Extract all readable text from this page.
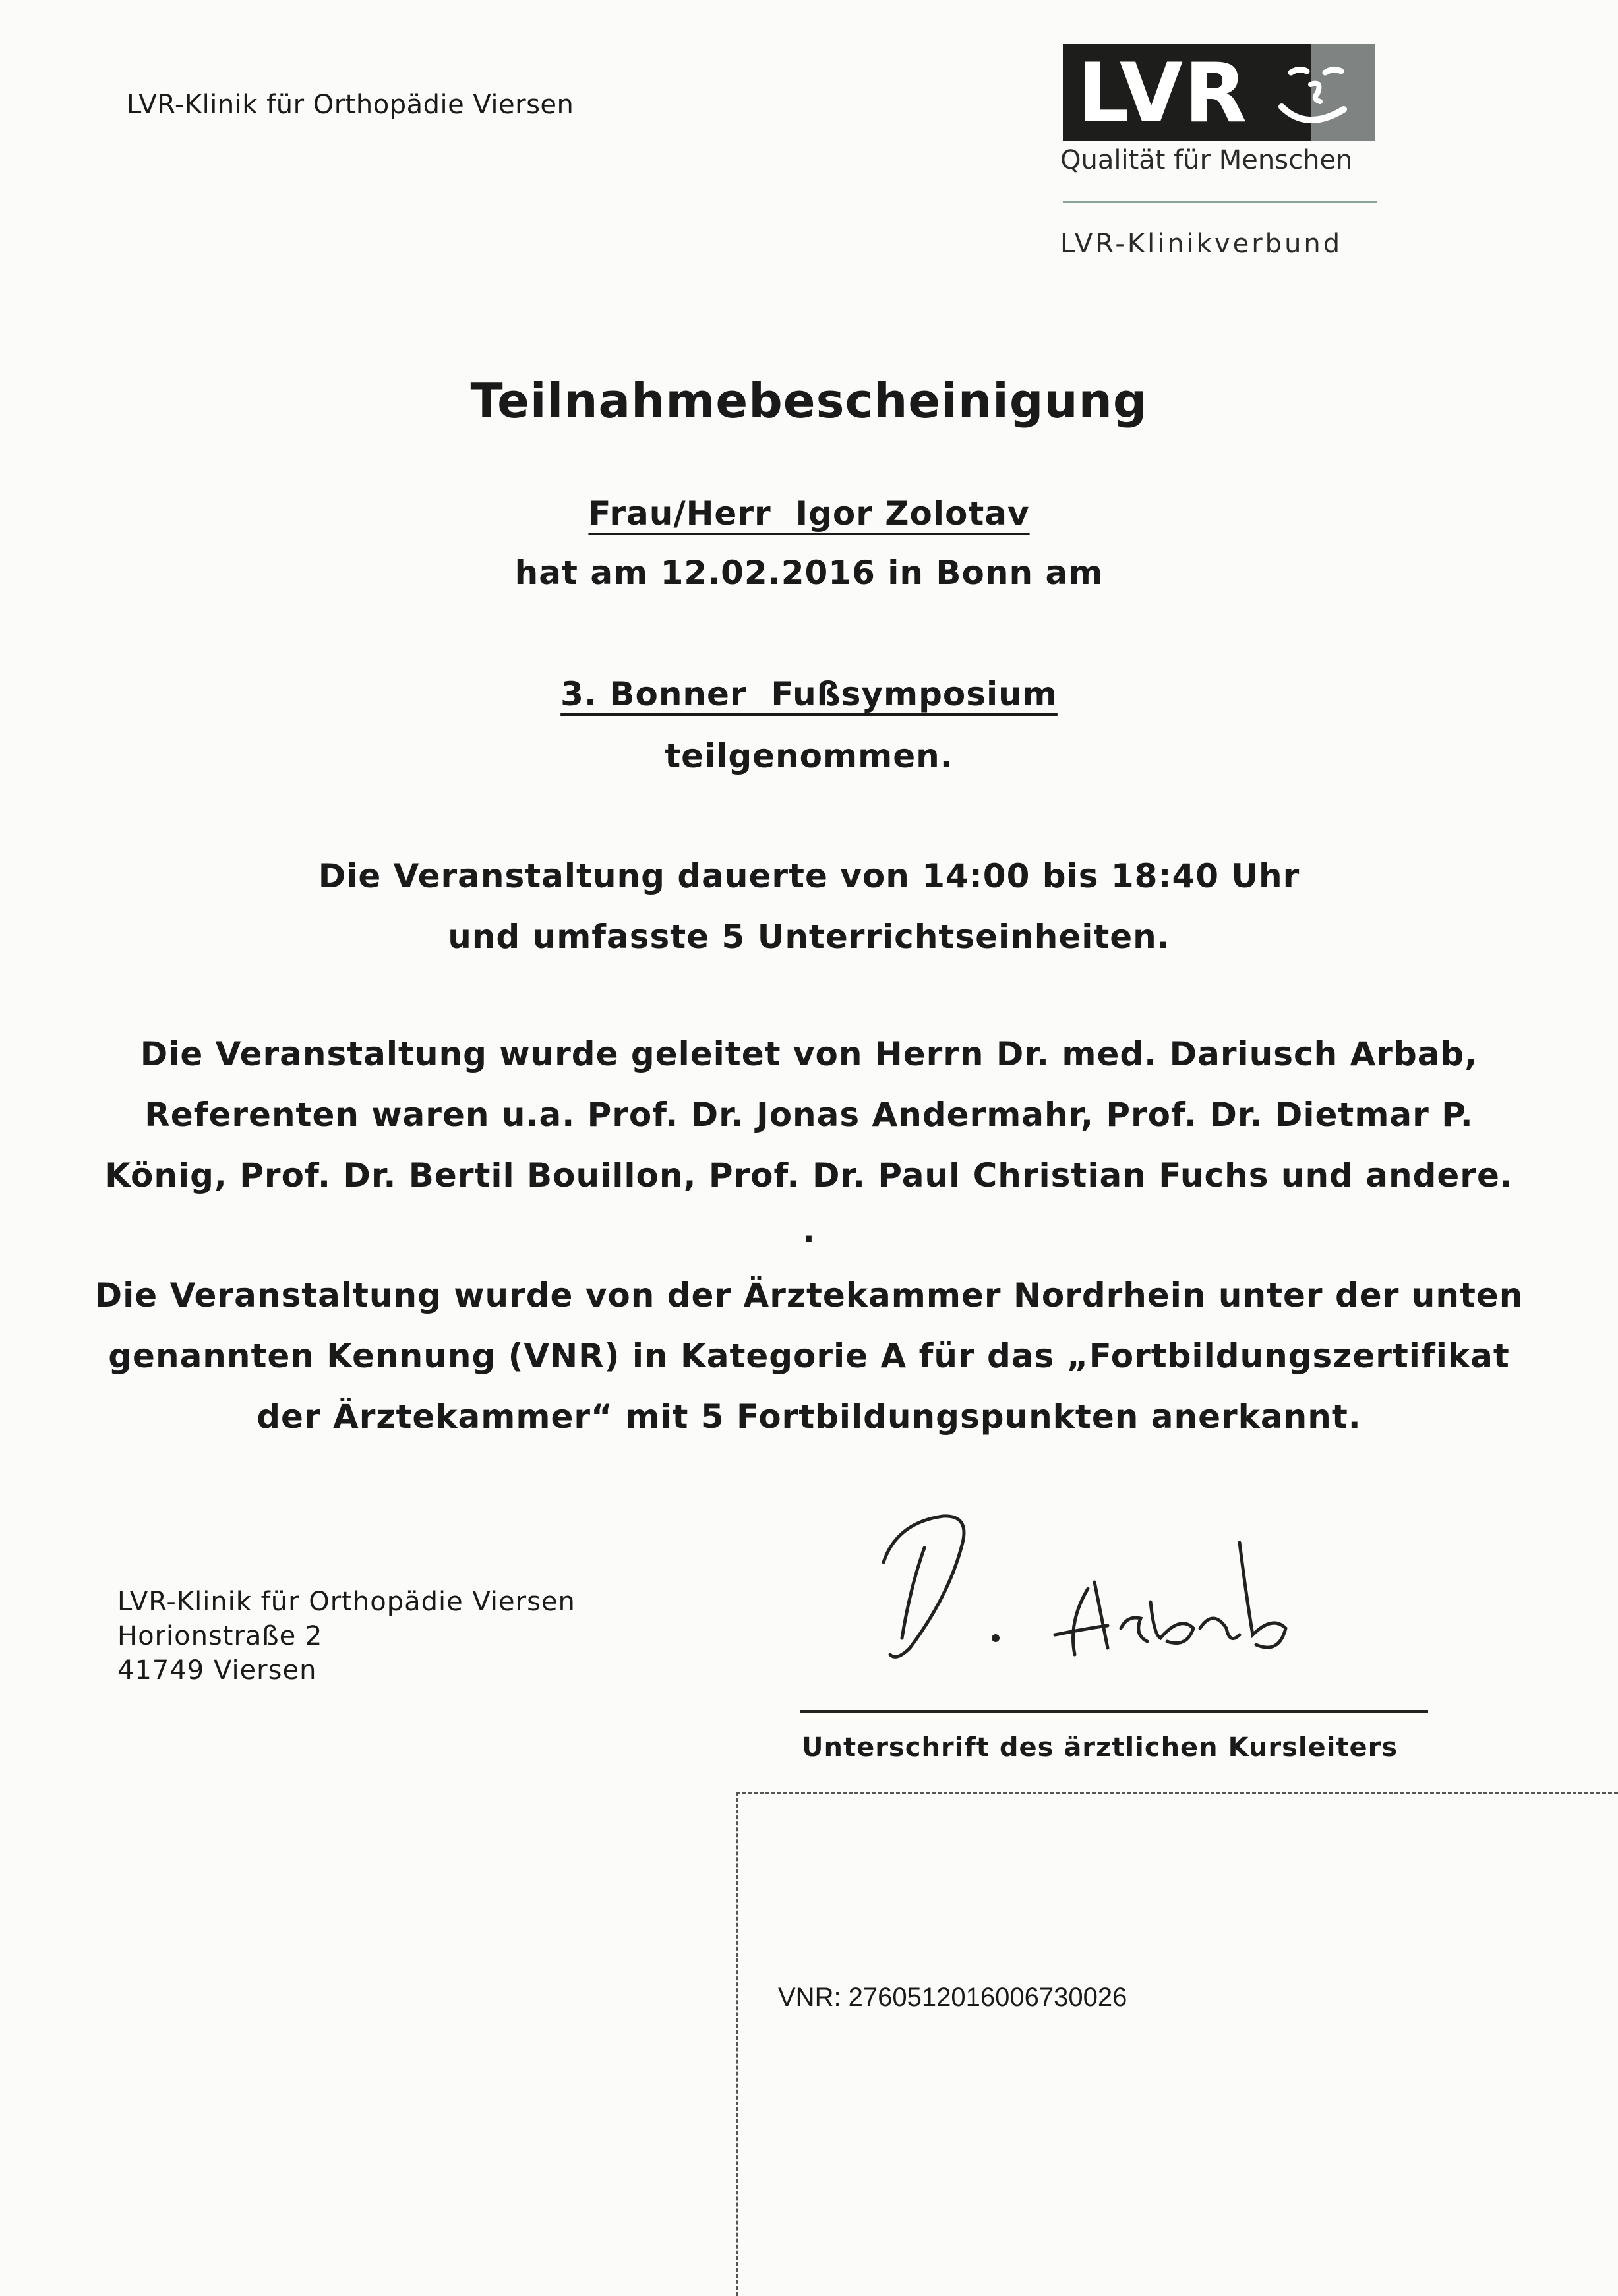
LVR-Klinik für Orthopädie Viersen	LVR
Qualität für Menschen
LVR-Klinikverbund
Teilnahmebescheinigung
Frau/Herr  Igor Zolotav
hat am 12.02.2016 in Bonn am
3. Bonner  Fußsymposium
teilgenommen.
Die Veranstaltung dauerte von 14:00 bis 18:40 Uhr
und umfasste 5 Unterrichtseinheiten.
Die Veranstaltung wurde geleitet von Herrn Dr. med. Dariusch Arbab,
Referenten waren u.a. Prof. Dr. Jonas Andermahr, Prof. Dr. Dietmar P.
König, Prof. Dr. Bertil Bouillon, Prof. Dr. Paul Christian Fuchs und andere.
.
Die Veranstaltung wurde von der Ärztekammer Nordrhein unter der unten
genannten Kennung (VNR) in Kategorie A für das „Fortbildungszertifikat
der Ärztekammer“ mit 5 Fortbildungspunkten anerkannt.
LVR-Klinik für Orthopädie Viersen
Horionstraße 2
41749 Viersen
Unterschrift des ärztlichen Kursleiters
VNR: 2760512016006730026
